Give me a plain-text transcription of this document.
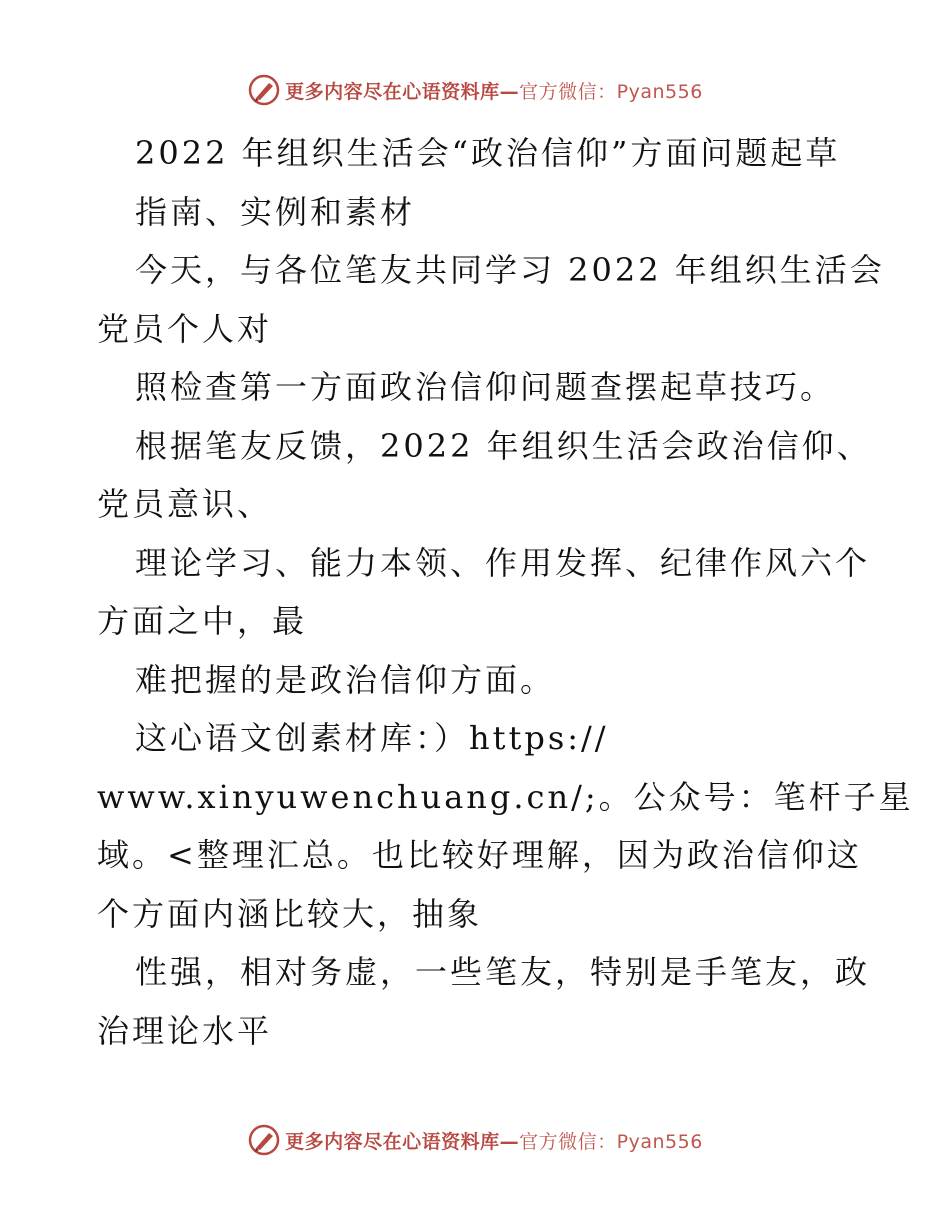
更多内容尽在心语资料库—官方微信：Pyan556
2022 年组织生活会“政治信仰”方面问题起草
指南、实例和素材
今天，与各位笔友共同学习 2022 年组织生活会
党员个人对
照检查第一方面政治信仰问题查摆起草技巧。
根据笔友反馈，2022 年组织生活会政治信仰、
党员意识、
理论学习、能力本领、作用发挥、纪律作风六个
方面之中，最
难把握的是政治信仰方面。
这心语文创素材库：）https://
www.xinyuwenchuang.cn/;。公众号：笔杆子星
域。<整理汇总。也比较好理解，因为政治信仰这
个方面内涵比较大，抽象
性强，相对务虚，一些笔友，特别是手笔友，政
治理论水平
更多内容尽在心语资料库—官方微信：Pyan556
